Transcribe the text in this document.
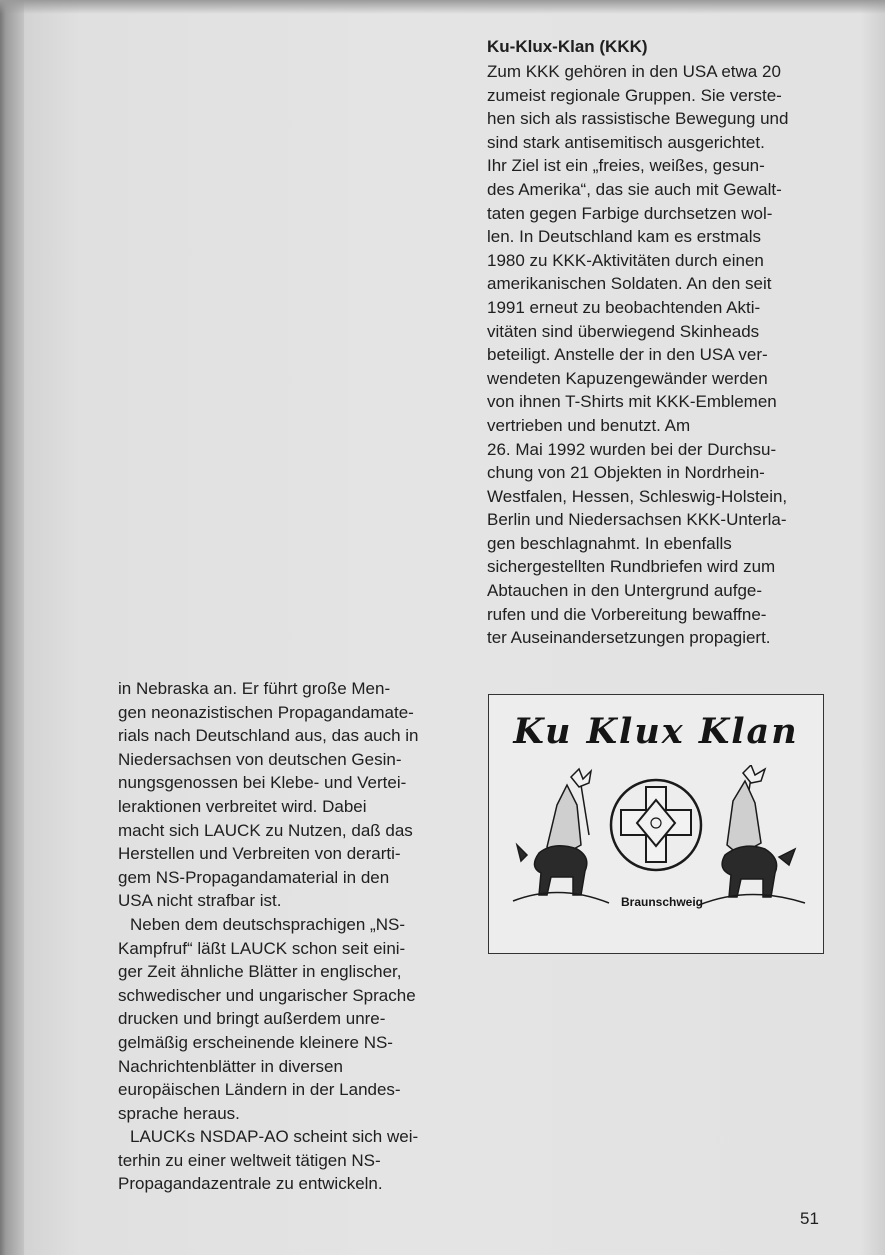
Ku-Klux-Klan (KKK)

Zum KKK gehören in den USA etwa 20
zumeist regionale Gruppen. Sie verste-
hen sich als rassistische Bewegung und
sind stark antisemitisch ausgerichtet.
Ihr Ziel ist ein „freies, weißes, gesun-
des Amerika“, das sie auch mit Gewalt-
taten gegen Farbige durchsetzen wol-
len. In Deutschland kam es erstmals
1980 zu KKK-Aktivitäten durch einen
amerikanischen Soldaten. An den seit
1991 erneut zu beobachtenden Akti-
vitäten sind überwiegend Skinheads
beteiligt. Anstelle der in den USA ver-
wendeten Kapuzengewänder werden
von ihnen T-Shirts mit KKK-Emblemen
vertrieben und benutzt. Am
26. Mai 1992 wurden bei der Durchsu-
chung von 21 Objekten in Nordrhein-
Westfalen, Hessen, Schleswig-Holstein,
Berlin und Niedersachsen KKK-Unterla-
gen beschlagnahmt. In ebenfalls
sichergestellten Rundbriefen wird zum
Abtauchen in den Untergrund aufge-
rufen und die Vorbereitung bewaffne-
ter Auseinandersetzungen propagiert.

Ku Klux Klan
Braunschweig

in Nebraska an. Er führt große Men-
gen neonazistischen Propagandamate-
rials nach Deutschland aus, das auch in
Niedersachsen von deutschen Gesin-
nungsgenossen bei Klebe- und Vertei-
leraktionen verbreitet wird. Dabei
macht sich LAUCK zu Nutzen, daß das
Herstellen und Verbreiten von derarti-
gem NS-Propagandamaterial in den
USA nicht strafbar ist.

Neben dem deutschsprachigen „NS-
Kampfruf“ läßt LAUCK schon seit eini-
ger Zeit ähnliche Blätter in englischer,
schwedischer und ungarischer Sprache
drucken und bringt außerdem unre-
gelmäßig erscheinende kleinere NS-
Nachrichtenblätter in diversen
europäischen Ländern in der Landes-
sprache heraus.

LAUCKs NSDAP-AO scheint sich wei-
terhin zu einer weltweit tätigen NS-
Propagandazentrale zu entwickeln.

51
